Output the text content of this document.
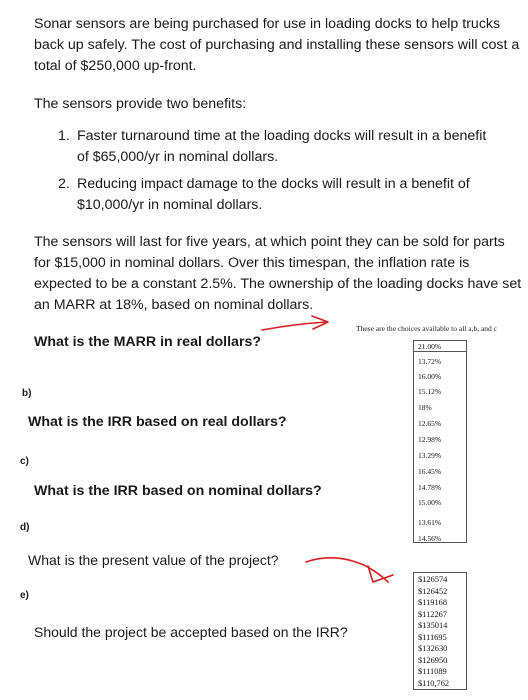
Sonar sensors are being purchased for use in loading docks to help trucks back up safely. The cost of purchasing and installing these sensors will cost a total of $250,000 up-front.
The sensors provide two benefits:
1. Faster turnaround time at the loading docks will result in a benefit of $65,000/yr in nominal dollars.
2. Reducing impact damage to the docks will result in a benefit of $10,000/yr in nominal dollars.
The sensors will last for five years, at which point they can be sold for parts for $15,000 in nominal dollars. Over this timespan, the inflation rate is expected to be a constant 2.5%. The ownership of the loading docks have set an MARR at 18%, based on nominal dollars.
What is the MARR in real dollars?
b)
What is the IRR based on real dollars?
c)
What is the IRR based on nominal dollars?
d)
What is the present value of the project?
e)
Should the project be accepted based on the IRR?
These are the choices available to all a,b, and c
21.00%
13.72%
16.00%
15.12%
18%
12.65%
12.98%
13.29%
16.45%
14.78%
15.00%
13.61%
14.56%
$126574
$126452
$119168
$112267
$135014
$111695
$132630
$126950
$111089
$110,762
